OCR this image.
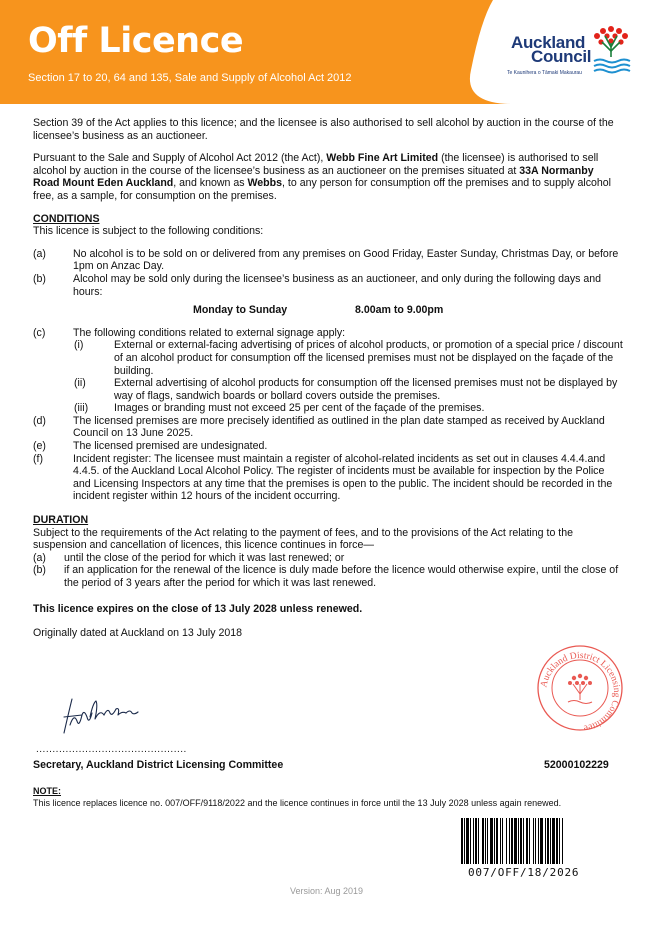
Off Licence
Section 17 to 20, 64 and 135, Sale and Supply of Alcohol Act 2012
Auckland
Council
Te Kaunihera o Tāmaki Makaurau

Section 39 of the Act applies to this licence; and the licensee is also authorised to sell alcohol by auction in the course of the licensee’s business as an auctioneer.

Pursuant to the Sale and Supply of Alcohol Act 2012 (the Act), Webb Fine Art Limited (the licensee) is authorised to sell alcohol by auction in the course of the licensee’s business as an auctioneer on the premises situated at 33A Normanby Road Mount Eden Auckland, and known as Webbs, to any person for consumption off the premises and to supply alcohol free, as a sample, for consumption on the premises.

CONDITIONS
This licence is subject to the following conditions:
(a)	No alcohol is to be sold on or delivered from any premises on Good Friday, Easter Sunday, Christmas Day, or before 1pm on Anzac Day.
(b)	Alcohol may be sold only during the licensee’s business as an auctioneer, and only during the following days and hours:
Monday to Sunday	8.00am to 9.00pm
(c)	The following conditions related to external signage apply:
(i)	External or external-facing advertising of prices of alcohol products, or promotion of a special price / discount of an alcohol product for consumption off the licensed premises must not be displayed on the façade of the building.
(ii)	External advertising of alcohol products for consumption off the licensed premises must not be displayed by way of flags, sandwich boards or bollard covers outside the premises.
(iii)	Images or branding must not exceed 25 per cent of the façade of the premises.
(d)	The licensed premises are more precisely identified as outlined in the plan date stamped as received by Auckland Council on 13 June 2025.
(e)	The licensed premised are undesignated.
(f)	Incident register: The licensee must maintain a register of alcohol-related incidents as set out in clauses 4.4.4.and 4.4.5. of the Auckland Local Alcohol Policy. The register of incidents must be available for inspection by the Police and Licensing Inspectors at any time that the premises is open to the public. The incident should be recorded in the incident register within 12 hours of the incident occurring.
DURATION
Subject to the requirements of the Act relating to the payment of fees, and to the provisions of the Act relating to the suspension and cancellation of licences, this licence continues in force—
(a)	until the close of the period for which it was last renewed; or
(b)	if an application for the renewal of the licence is duly made before the licence would otherwise expire, until the close of the period of 3 years after the period for which it was last renewed.

This licence expires on the close of 13 July 2028 unless renewed.

Originally dated at Auckland on 13 July 2018

..............................................
Secretary, Auckland District Licensing Committee	52000102229
Auckland District Licensing Committee
NOTE:
This licence replaces licence no. 007/OFF/9118/2022 and the licence continues in force until the 13 July 2028 unless again renewed.
007/OFF/18/2026
Version: Aug 2019
